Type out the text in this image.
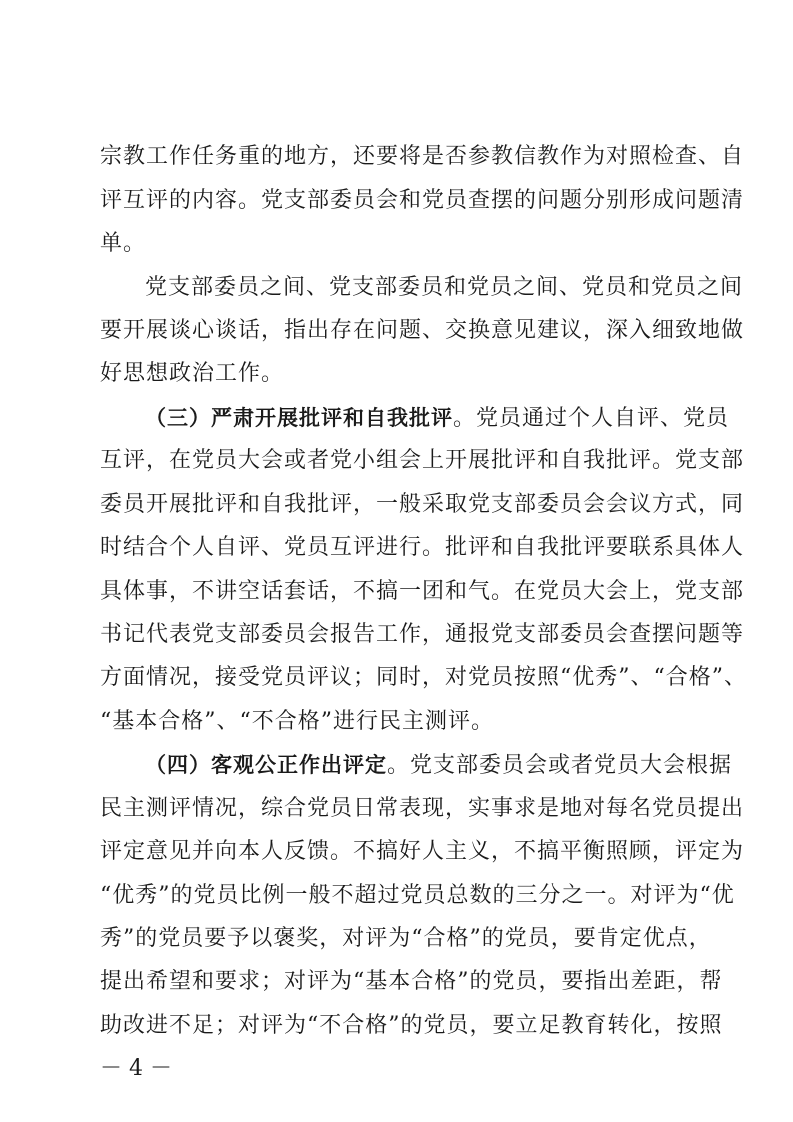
宗教工作任务重的地方，还要将是否参教信教作为对照检查、自
评互评的内容。党支部委员会和党员查摆的问题分别形成问题清
单。
党支部委员之间、党支部委员和党员之间、党员和党员之间
要开展谈心谈话，指出存在问题、交换意见建议，深入细致地做
好思想政治工作。
（三）严肃开展批评和自我批评。党员通过个人自评、党员
互评，在党员大会或者党小组会上开展批评和自我批评。党支部
委员开展批评和自我批评，一般采取党支部委员会会议方式，同
时结合个人自评、党员互评进行。批评和自我批评要联系具体人
具体事，不讲空话套话，不搞一团和气。在党员大会上，党支部
书记代表党支部委员会报告工作，通报党支部委员会查摆问题等
方面情况，接受党员评议；同时，对党员按照“优秀”、“合格”、
“基本合格”、“不合格”进行民主测评。
（四）客观公正作出评定。党支部委员会或者党员大会根据
民主测评情况，综合党员日常表现，实事求是地对每名党员提出
评定意见并向本人反馈。不搞好人主义，不搞平衡照顾，评定为
“优秀”的党员比例一般不超过党员总数的三分之一。对评为“优
秀”的党员要予以褒奖，对评为“合格”的党员，要肯定优点，
提出希望和要求；对评为“基本合格”的党员，要指出差距，帮
助改进不足；对评为“不合格”的党员，要立足教育转化，按照
－ 4 －
